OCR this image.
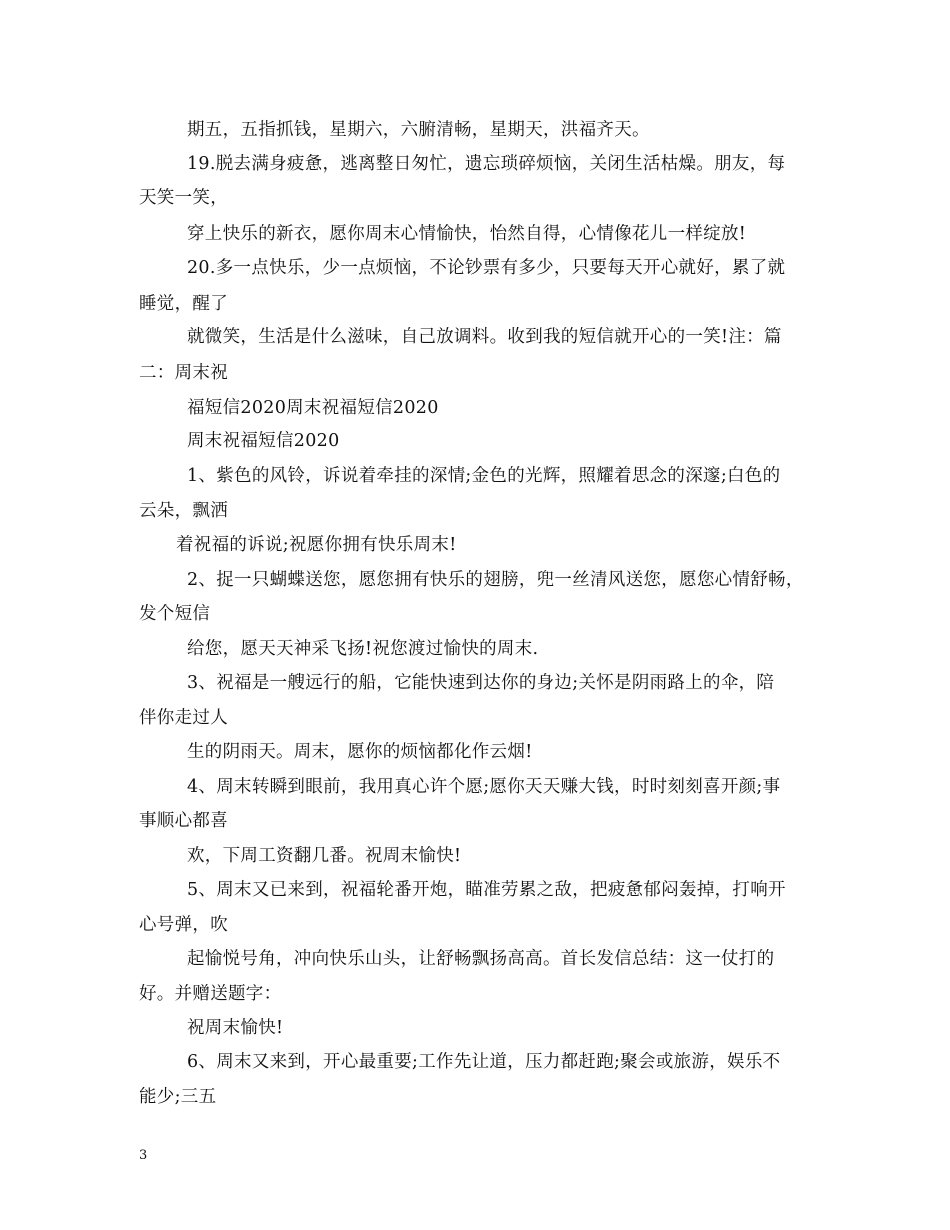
期五，五指抓钱，星期六，六腑清畅，星期天，洪福齐天。
19.脱去满身疲惫，逃离整日匆忙，遗忘琐碎烦恼，关闭生活枯燥。朋友，每
天笑一笑，
穿上快乐的新衣，愿你周末心情愉快，怡然自得，心情像花儿一样绽放!
20.多一点快乐，少一点烦恼，不论钞票有多少，只要每天开心就好，累了就
睡觉，醒了
就微笑，生活是什么滋味，自己放调料。收到我的短信就开心的一笑!注：篇
二：周末祝
福短信2020周末祝福短信2020
周末祝福短信2020
1、紫色的风铃，诉说着牵挂的深情;金色的光辉，照耀着思念的深邃;白色的
云朵，飘洒
着祝福的诉说;祝愿你拥有快乐周末!
2、捉一只蝴蝶送您，愿您拥有快乐的翅膀，兜一丝清风送您，愿您心情舒畅，
发个短信
给您，愿天天神采飞扬!祝您渡过愉快的周末.
3、祝福是一艘远行的船，它能快速到达你的身边;关怀是阴雨路上的伞，陪
伴你走过人
生的阴雨天。周末，愿你的烦恼都化作云烟!
4、周末转瞬到眼前，我用真心许个愿;愿你天天赚大钱，时时刻刻喜开颜;事
事顺心都喜
欢，下周工资翻几番。祝周末愉快!
5、周末又已来到，祝福轮番开炮，瞄准劳累之敌，把疲惫郁闷轰掉，打响开
心号弹，吹
起愉悦号角，冲向快乐山头，让舒畅飘扬高高。首长发信总结：这一仗打的
好。并赠送题字：
祝周末愉快!
6、周末又来到，开心最重要;工作先让道，压力都赶跑;聚会或旅游，娱乐不
能少;三五
3
